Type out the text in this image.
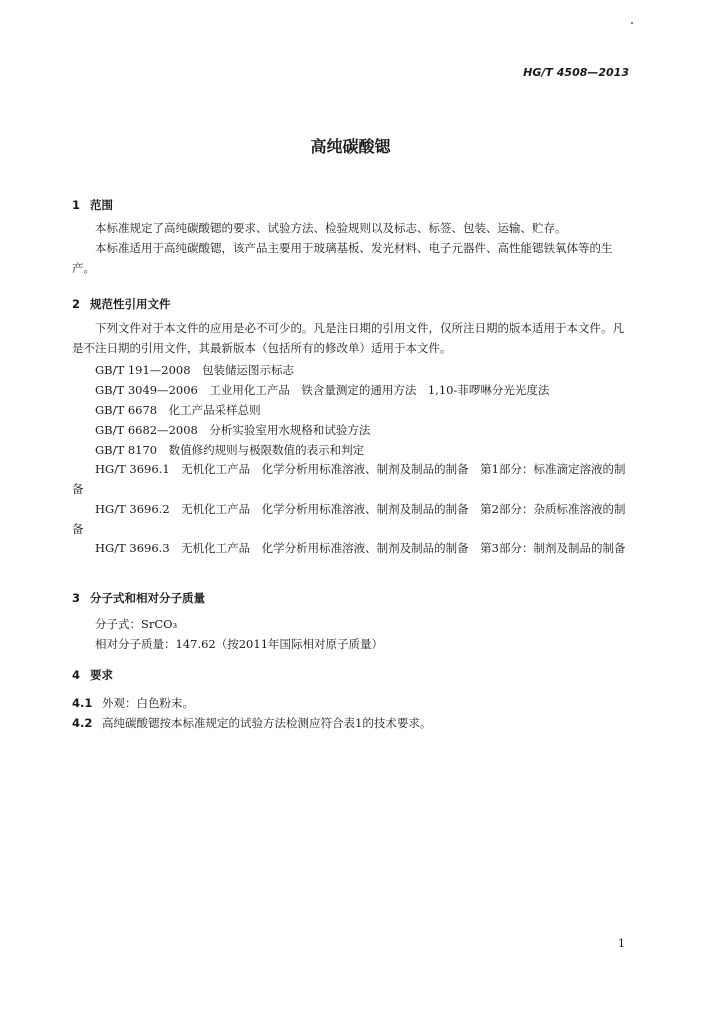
HG/T 4508—2013
高纯碳酸锶
1 范围
本标准规定了高纯碳酸锶的要求、试验方法、检验规则以及标志、标签、包装、运输、贮存。
本标准适用于高纯碳酸锶，该产品主要用于玻璃基板、发光材料、电子元器件、高性能锶铁氧体等的生产。
2 规范性引用文件
下列文件对于本文件的应用是必不可少的。凡是注日期的引用文件，仅所注日期的版本适用于本文件。凡是不注日期的引用文件，其最新版本（包括所有的修改单）适用于本文件。
GB/T 191—2008　 包装储运图示标志
GB/T 3049—2006　 工业用化工产品　铁含量测定的通用方法　1,10-菲啰啉分光光度法
GB/T 6678　 化工产品采样总则
GB/T 6682—2008　 分析实验室用水规格和试验方法
GB/T 8170　 数值修约规则与极限数值的表示和判定
HG/T 3696.1　无机化工产品　化学分析用标准溶液、制剂及制品的制备　第1部分：标准滴定溶液的制备
HG/T 3696.2　无机化工产品　化学分析用标准溶液、制剂及制品的制备　第2部分：杂质标准溶液的制备
HG/T 3696.3　无机化工产品　化学分析用标准溶液、制剂及制品的制备　第3部分：制剂及制品的制备
3 分子式和相对分子质量
分子式：SrCO₃
相对分子质量：147.62（按2011年国际相对原子质量）
4 要求
4.1 外观：白色粉末。
4.2 高纯碳酸锶按本标准规定的试验方法检测应符合表1的技术要求。
1
